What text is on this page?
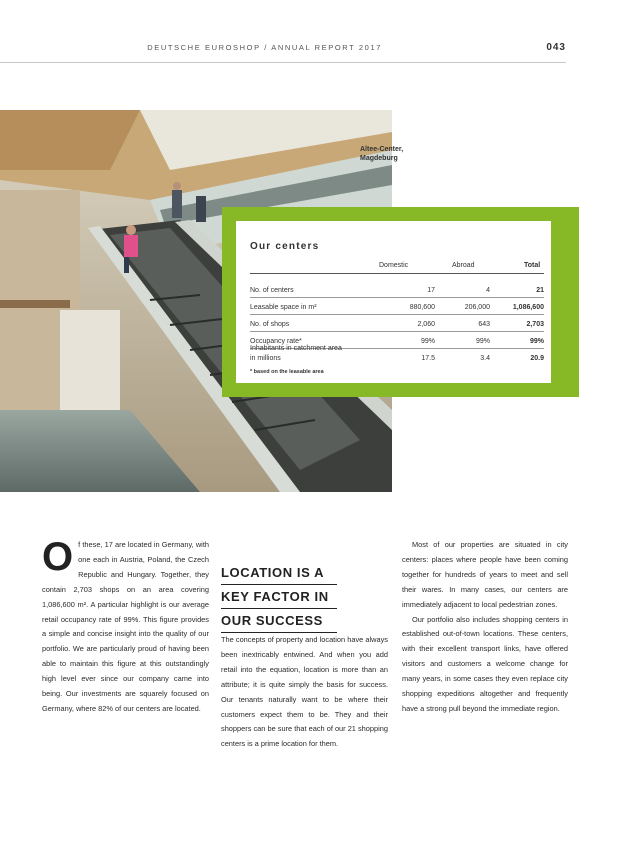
DEUTSCHE EUROSHOP / ANNUAL REPORT 2017	043
Altee-Center,
Magdeburg
Our centers
Domestic	Abroad	Total
No. of centers	17	4	21
Leasable space in m²	880,600	206,000	1,086,600
No. of shops	2,060	643	2,703
Occupancy rate*	99%	99%	99%
Inhabitants in catchment area
in millions	17.5	3.4	20.9
* based on the leasable area
Of these, 17 are located in Germany, with one each in Austria, Poland, the Czech Republic and Hungary. Together, they contain 2,703 shops on an area covering 1,086,600 m². A particular highlight is our average retail occupancy rate of 99%. This figure provides a simple and concise insight into the quality of our portfolio. We are particularly proud of having been able to maintain this figure at this outstandingly high level ever since our company came into being. Our investments are squarely focused on Germany, where 82% of our centers are located.
LOCATION IS A
KEY FACTOR IN
OUR SUCCESS

The concepts of property and location have always been inextricably entwined. And when you add retail into the equation, location is more than an attribute; it is quite simply the basis for success. Our tenants naturally want to be where their customers expect them to be. They and their shoppers can be sure that each of our 21 shopping centers is a prime location for them.

Most of our properties are situated in city centers: places where people have been coming together for hundreds of years to meet and sell their wares. In many cases, our centers are immediately adjacent to local pedestrian zones.

Our portfolio also includes shopping centers in established out-of-town locations. These centers, with their excellent transport links, have offered visitors and customers a welcome change for many years, in some cases they even replace city shopping expeditions altogether and frequently have a strong pull beyond the immediate region.
